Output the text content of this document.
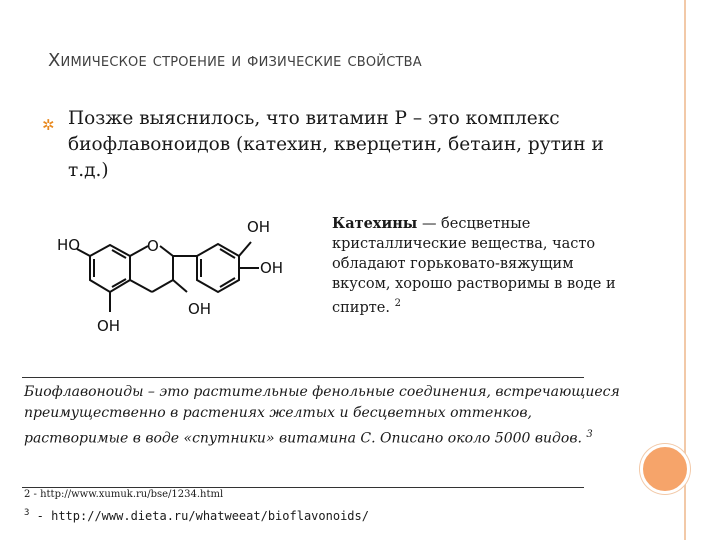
Химическое строение и физические свойства
✲ Позже выяснилось, что витамин P – это комплекс биофлавоноидов (катехин, кверцетин, бетаин, рутин и т.д.)
HO	O
OH
OH
OH
OH
Катехины — бесцветные кристаллические вещества, часто обладают горьковато-вяжущим вкусом, хорошо растворимы в воде и спирте. $^2$
Биофлавоноиды – это растительные фенольные соединения, встречающиеся преимущественно в растениях желтых и бесцветных оттенков, растворимые в воде «спутники» витамина С. Описано около 5000 видов. $^3$
2 - http://www.xumuk.ru/bse/1234.html
$^3$ - http://www.dieta.ru/whatweeat/bioflavonoids/
